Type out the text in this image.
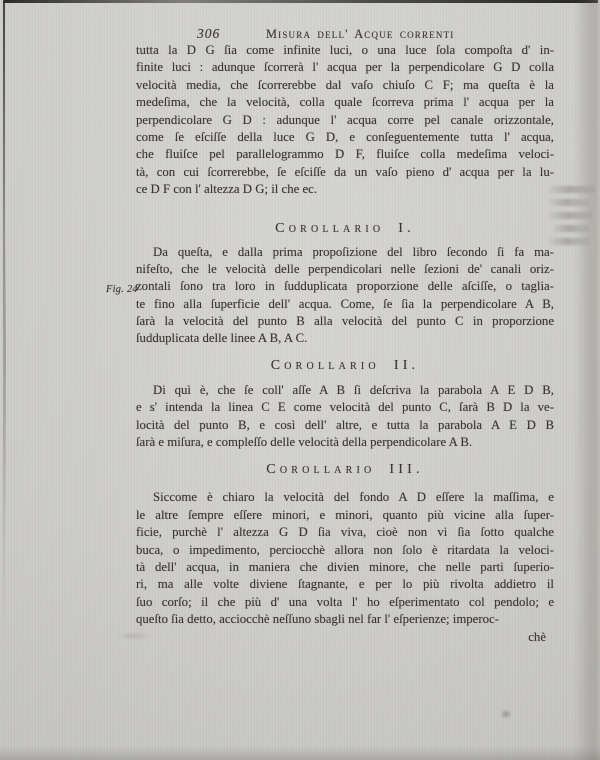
306	Misura dell' Acque correnti
Fig. 24
tutta la D G ſia come infinite luci, o una luce ſola compoſta d' in-
finite luci : adunque ſcorrerà l' acqua per la perpendicolare G D colla
velocità media, che ſcorrerebbe dal vaſo chiuſo C F; ma queſta è la
medeſima, che la velocità, colla quale ſcorreva prima l' acqua per la
perpendicolare G D : adunque l' acqua corre pel canale orizzontale,
come ſe eſciſſe della luce G D, e conſeguentemente tutta l' acqua,
che fluiſce pel parallelogrammo D F, fluiſce colla medeſima veloci-
tà, con cui ſcorrerebbe, ſe eſciſſe da un vaſo pieno d' acqua per la lu-
ce D F con l' altezza D G; il che ec.
Corollario I.
Da queſta, e dalla prima propoſizione del libro ſecondo ſi fa ma-
nifeſto, che le velocità delle perpendicolari nelle ſezioni de' canali oriz-
zontali ſono tra loro in ſudduplicata proporzione delle aſciſſe, o taglia-
te fino alla ſuperficie dell' acqua. Come, ſe ſia la perpendicolare A B,
ſarà la velocità del punto B alla velocità del punto C in proporzione
ſudduplicata delle linee A B, A C.
Corollario II.
Di quì è, che ſe coll' aſſe A B ſi deſcriva la parabola A E D B,
e s' intenda la linea C E come velocità del punto C, ſarà B D la ve-
locità del punto B, e così dell' altre, e tutta la parabola A E D B
ſarà e miſura, e compleſſo delle velocità della perpendicolare A B.
Corollario III.
Siccome è chiaro la velocità del fondo A D eſſere la maſſima, e
le altre ſempre eſſere minori, e minori, quanto più vicine alla ſuper-
ficie, purchè l' altezza G D ſia viva, cioè non vi ſia ſotto qualche
buca, o impedimento, perciocchè allora non ſolo è ritardata la veloci-
tà dell' acqua, in maniera che divien minore, che nelle parti ſuperio-
ri, ma alle volte diviene ſtagnante, e per lo più rivolta addietro il
ſuo corſo; il che più d' una volta l' ho eſperimentato col pendolo; e
queſto ſia detto, acciocchè neſſuno sbagli nel far l' eſperienze; imperoc-
chè
